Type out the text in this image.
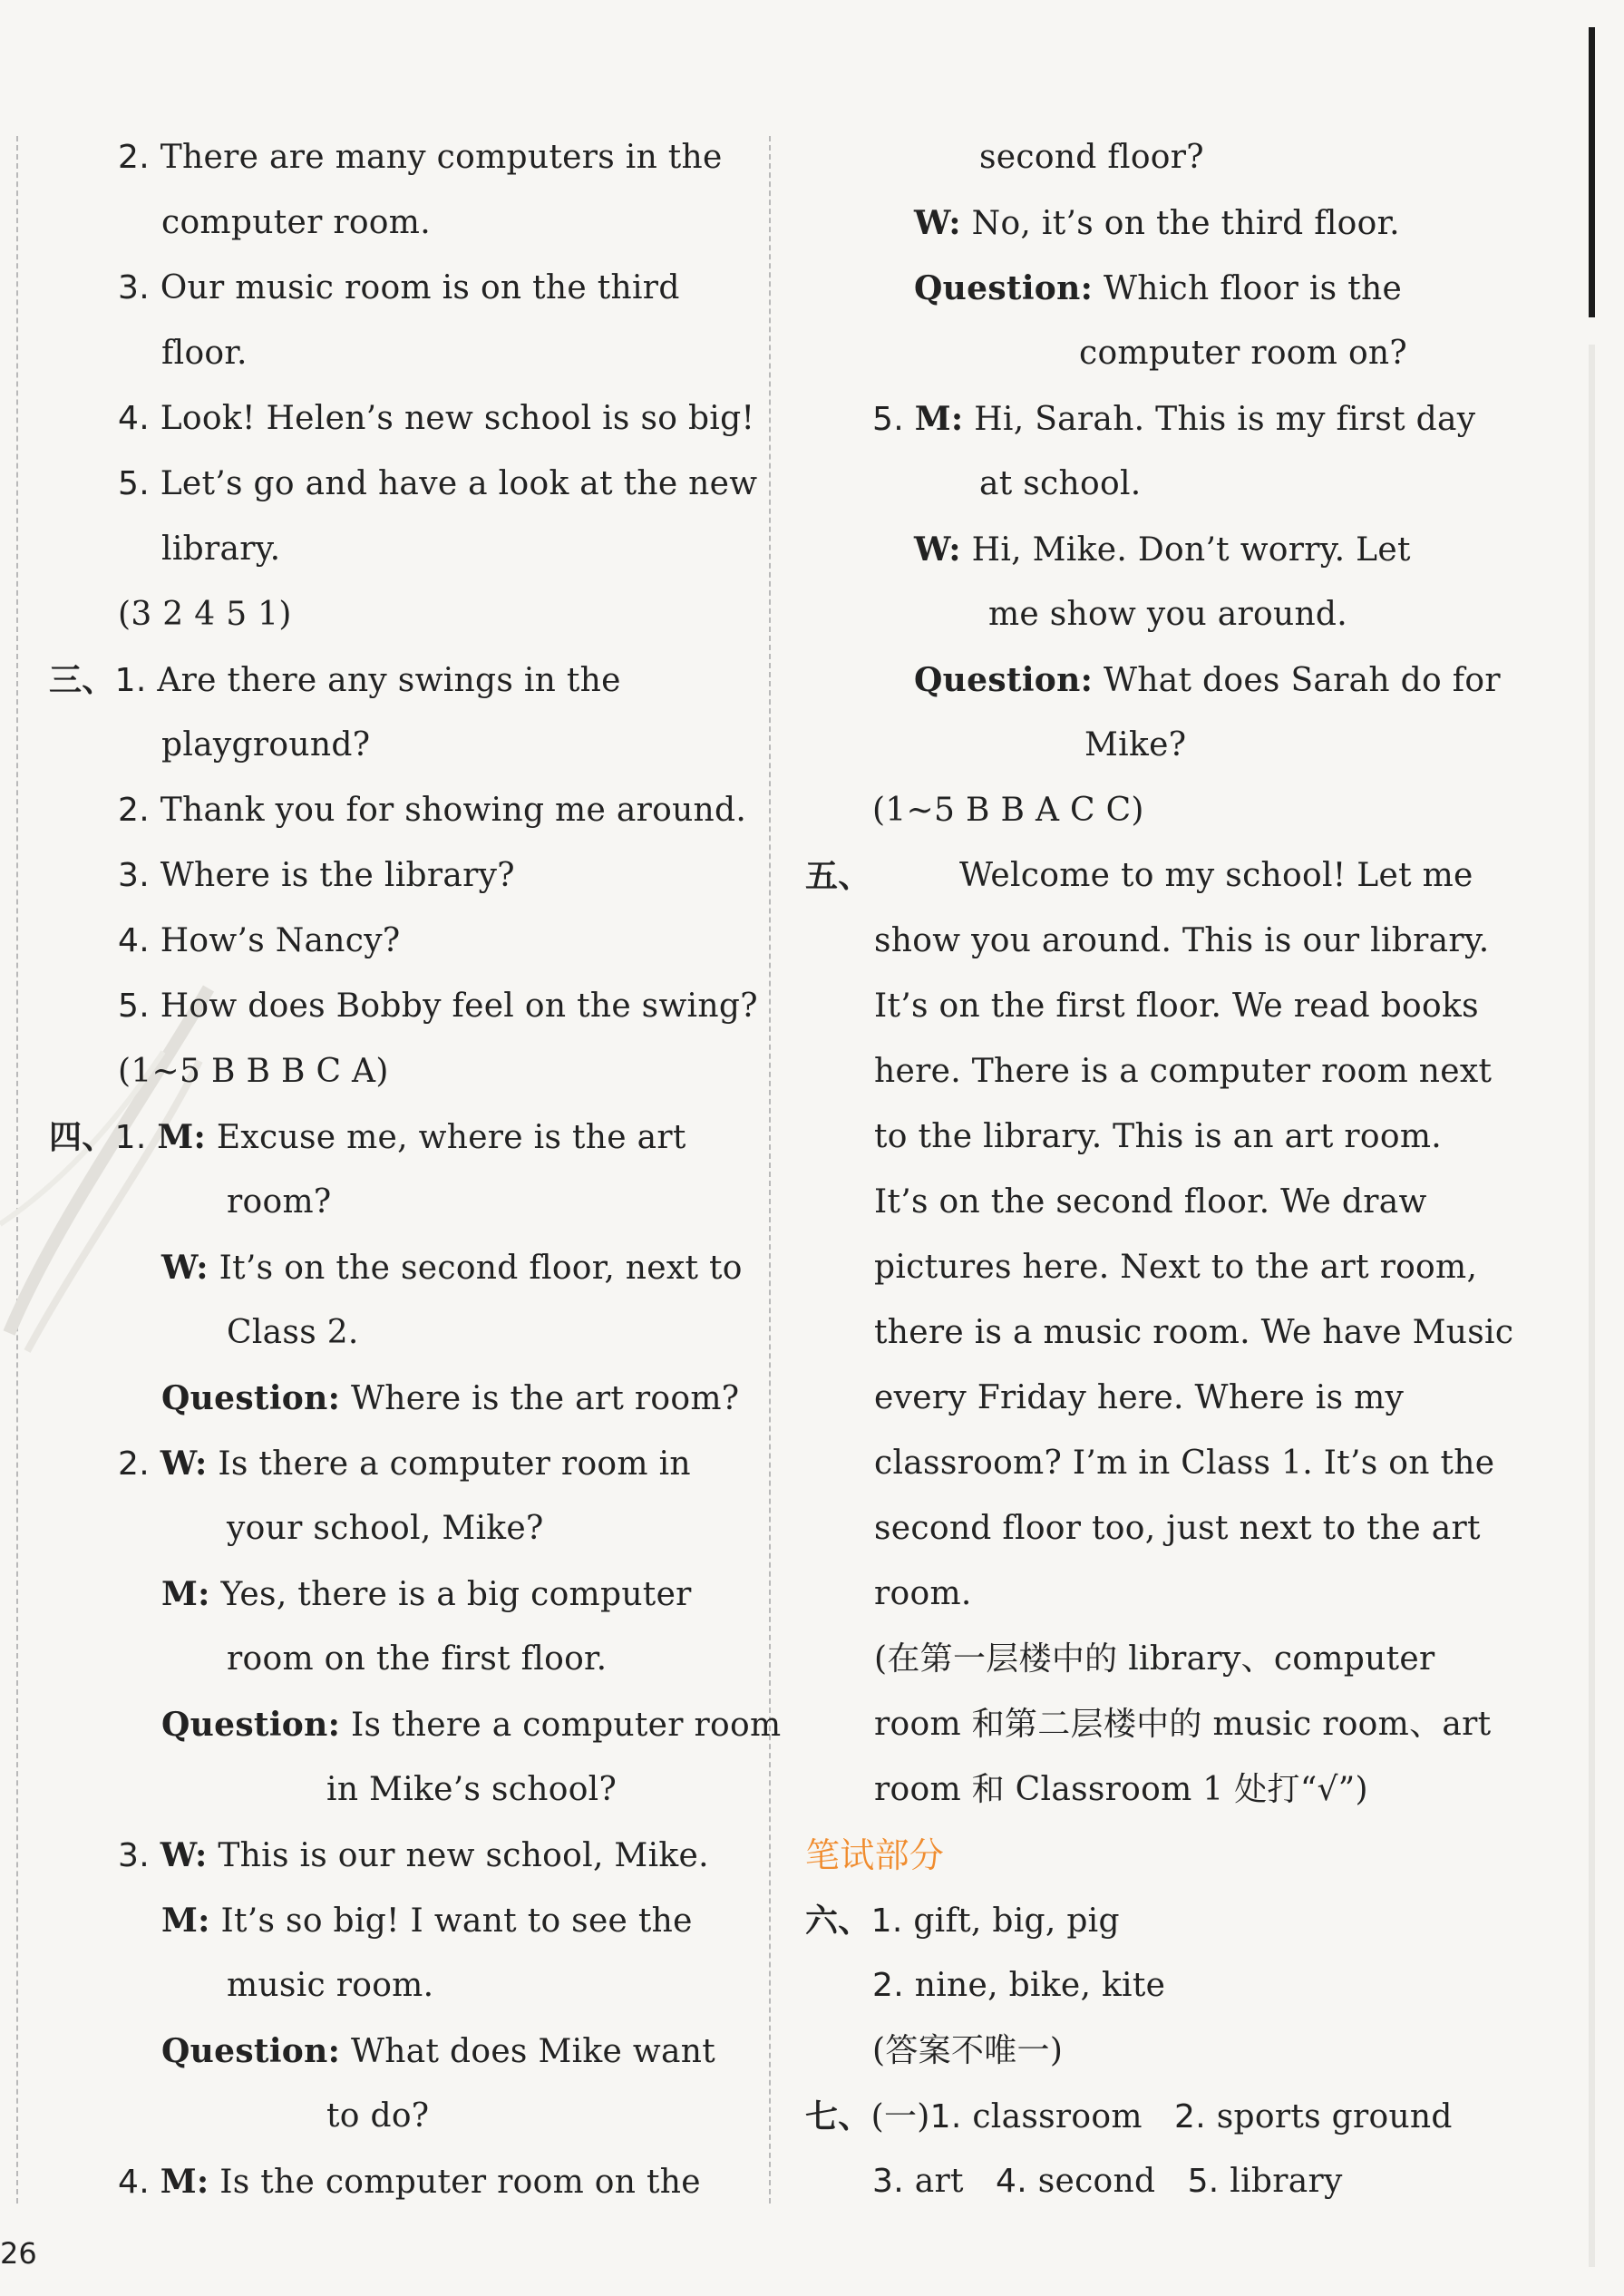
2. There are many computers in the
computer room.
3. Our music room is on the third
floor.
4. Look! Helen’s new school is so big!
5. Let’s go and have a look at the new
library.
(3 2 4 5 1)
三、1. Are there any swings in the
playground?
2. Thank you for showing me around.
3. Where is the library?
4. How’s Nancy?
5. How does Bobby feel on the swing?
(1~5 B B B C A)
四、1. M: Excuse me, where is the art
room?
W: It’s on the second floor, next to
Class 2.
Question: Where is the art room?
2. W: Is there a computer room in
your school, Mike?
M: Yes, there is a big computer
room on the first floor.
Question: Is there a computer room
in Mike’s school?
3. W: This is our new school, Mike.
M: It’s so big! I want to see the
music room.
Question: What does Mike want
to do?
4. M: Is the computer room on the
second floor?
W: No, it’s on the third floor.
Question: Which floor is the
computer room on?
5. M: Hi, Sarah. This is my first day
at school.
W: Hi, Mike. Don’t worry. Let
me show you around.
Question: What does Sarah do for
Mike?
(1~5 B B A C C)
五、	Welcome to my school! Let me
show you around. This is our library.
It’s on the first floor. We read books
here. There is a computer room next
to the library. This is an art room.
It’s on the second floor. We draw
pictures here. Next to the art room,
there is a music room. We have Music
every Friday here. Where is my
classroom? I’m in Class 1. It’s on the
second floor too, just next to the art
room.
(在第一层楼中的 library、computer
room 和第二层楼中的 music room、art
room 和 Classroom 1 处打“√”)
笔试部分
六、1. gift, big, pig
2. nine, bike, kite
(答案不唯一)
七、(一)1. classroom 2. sports ground
3. art 4. second 5. library
26
